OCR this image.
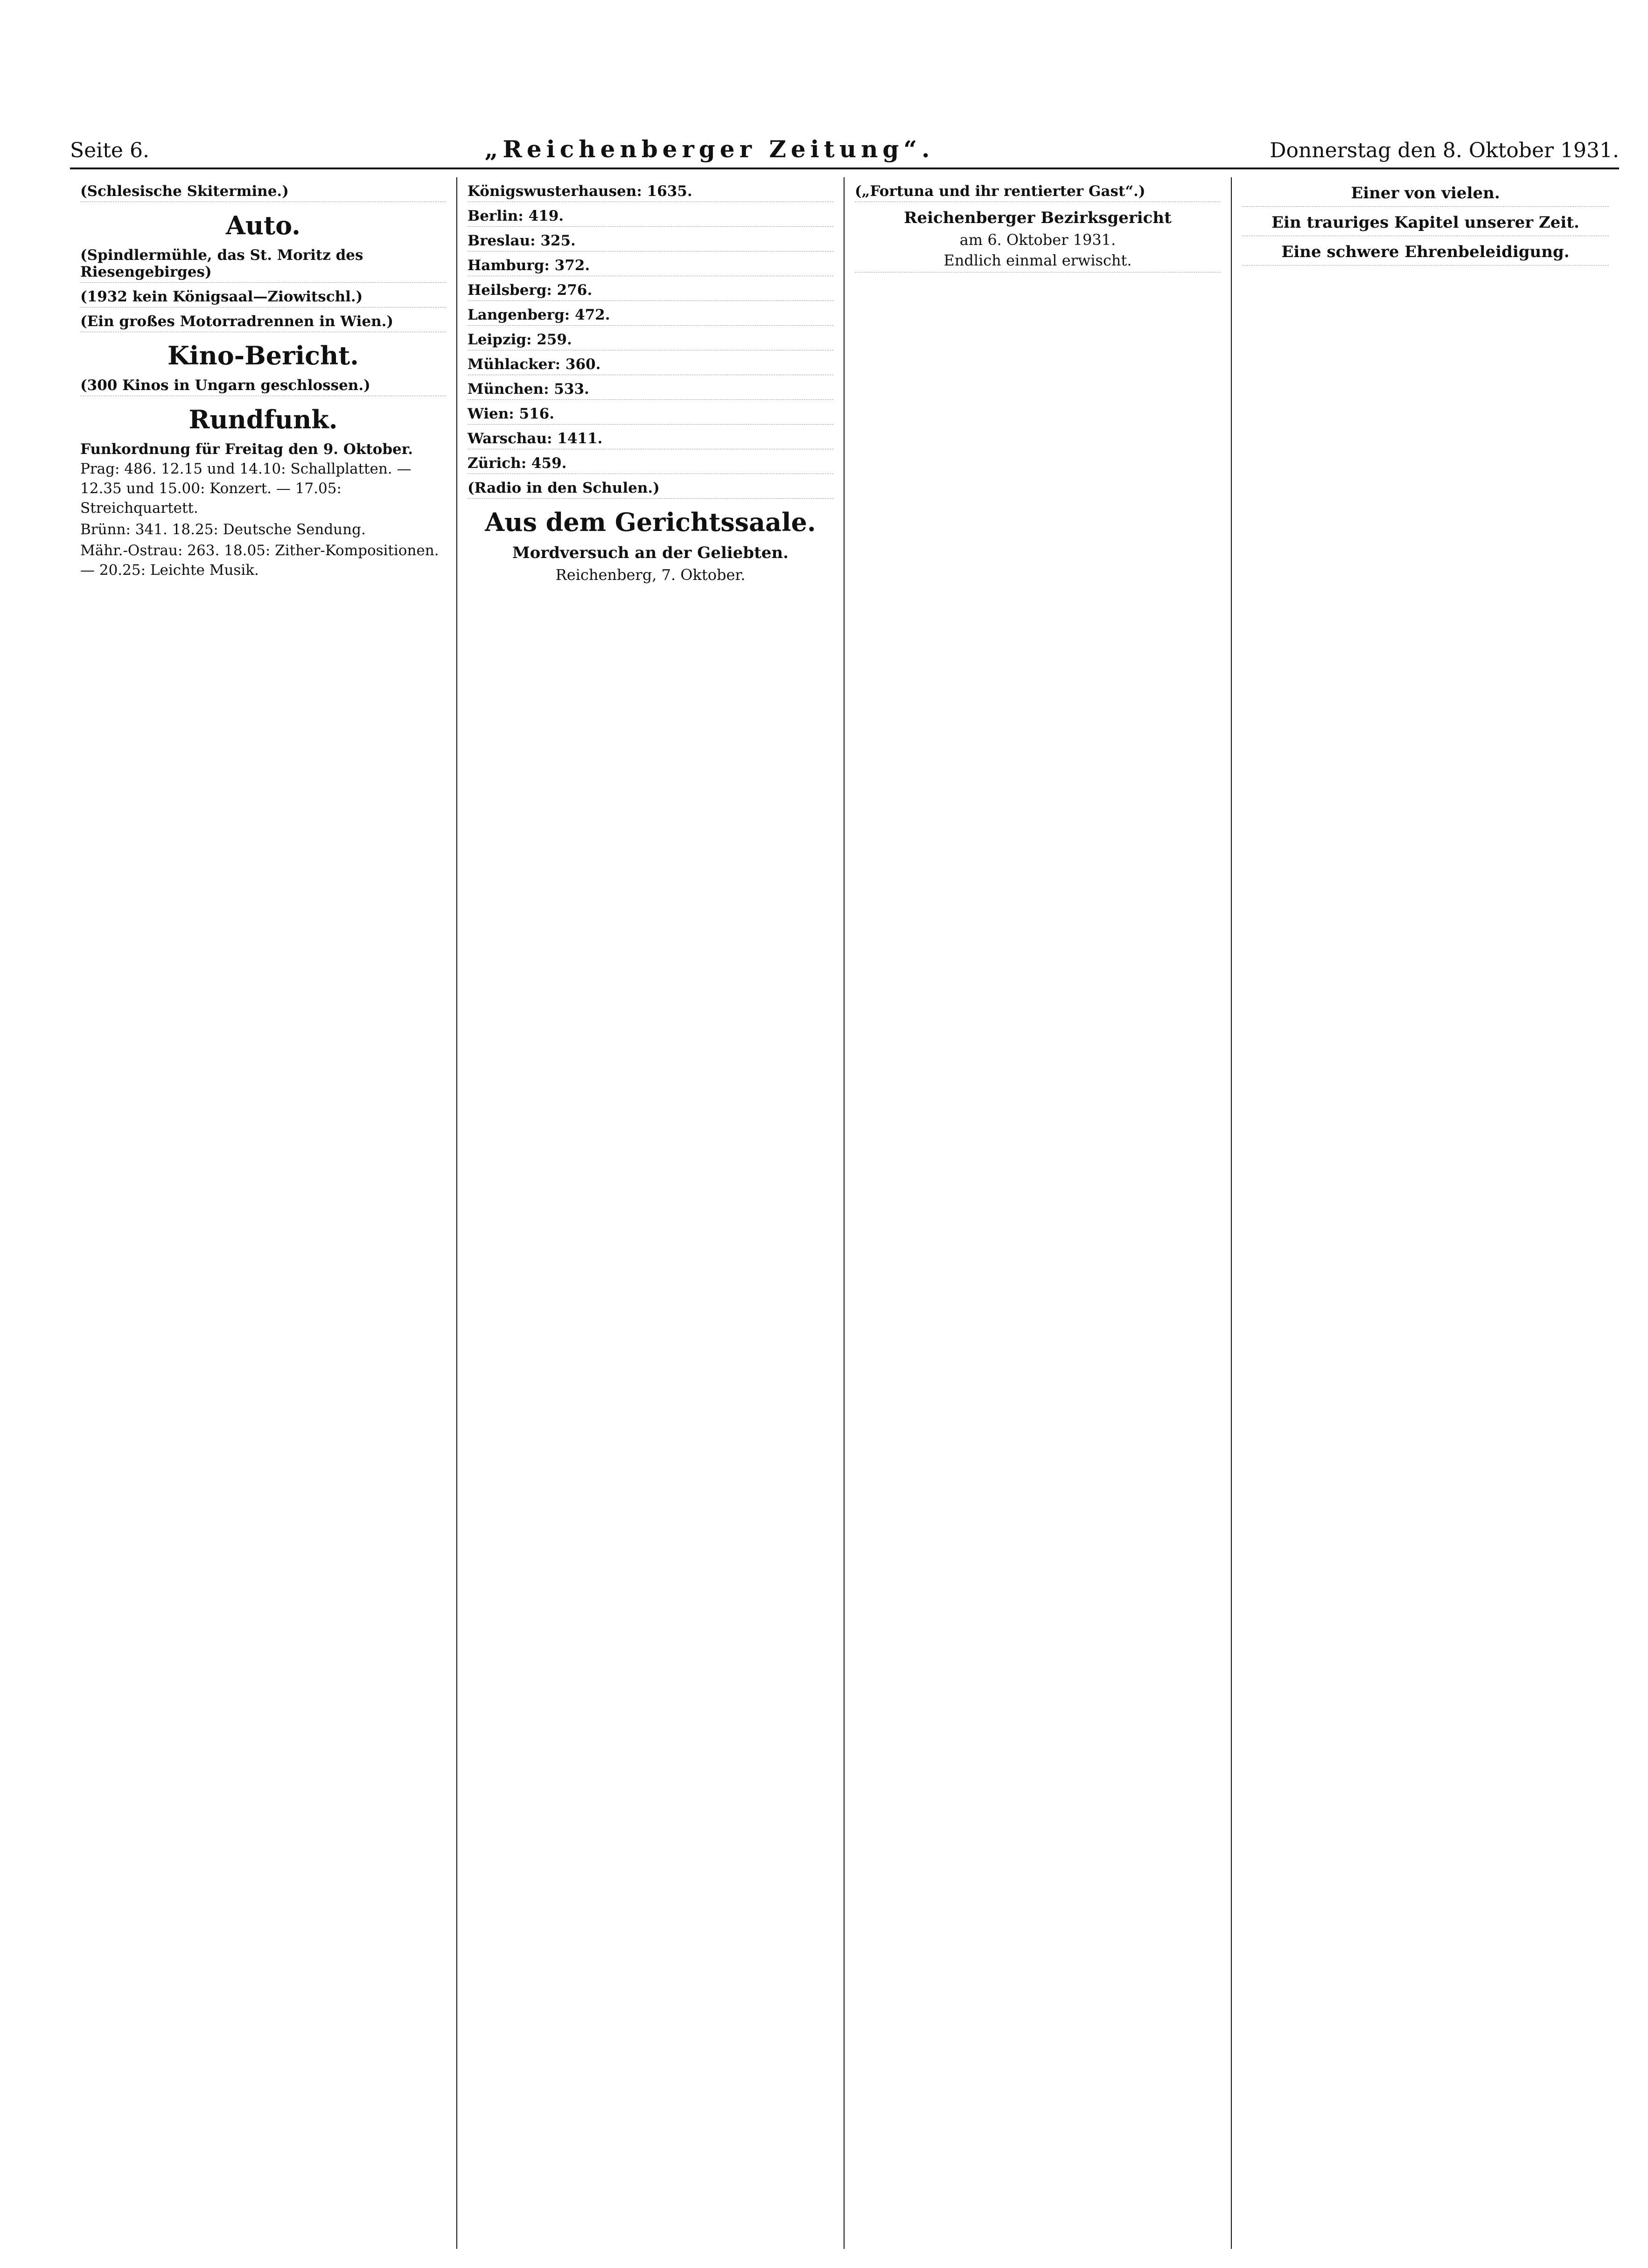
Seite 6.	„Reichenberger Zeitung“.	Donnerstag den 8. Oktober 1931.
(Schlesische Skitermine.)
Auto.
(Spindlermühle, das St. Moritz des Riesengebirges)
(1932 kein Königsaal—Ziowitschl.)
(Ein großes Motorradrennen in Wien.)
Kino-Bericht.
(300 Kinos in Ungarn geschlossen.)
Rundfunk.
Funkordnung für Freitag den 9. Oktober.
Prag: 486. 12.15 und 14.10: Schallplatten. — 12.35 und 15.00: Konzert. — 17.05: Streichquartett.
Brünn: 341. 18.25: Deutsche Sendung.
Mähr.-Ostrau: 263. 18.05: Zither-Kompositionen. — 20.25: Leichte Musik.
Königswusterhausen: 1635.
Berlin: 419.
Breslau: 325.
Hamburg: 372.
Heilsberg: 276.
Langenberg: 472.
Leipzig: 259.
Mühlacker: 360.
München: 533.
Wien: 516.
Warschau: 1411.
Zürich: 459.
(Radio in den Schulen.)
Aus dem Gerichtssaale.
Mordversuch an der Geliebten.
Reichenberg, 7. Oktober.
(„Fortuna und ihr rentierter Gast“.)
Reichenberger Bezirksgericht
am 6. Oktober 1931.
Endlich einmal erwischt.
Einer von vielen.
Ein trauriges Kapitel unserer Zeit.
Eine schwere Ehrenbeleidigung.
